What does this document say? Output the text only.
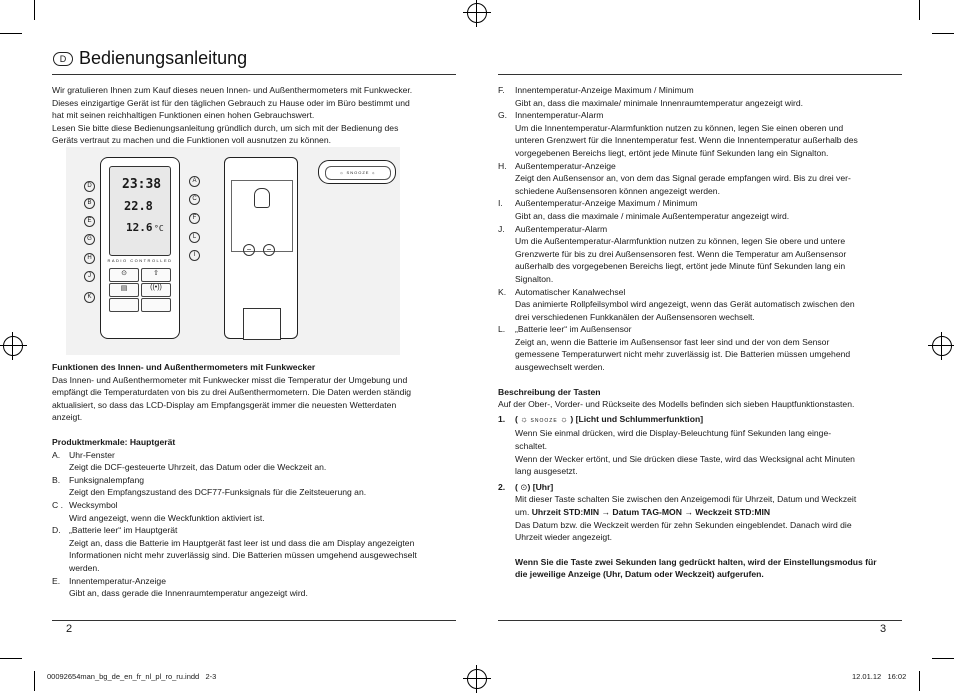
D Bedienungsanleitung
Wir gratulieren Ihnen zum Kauf dieses neuen Innen- und Außenthermometers mit Funkwecker.
Dieses einzigartige Gerät ist für den täglichen Gebrauch zu Hause oder im Büro bestimmt und
hat mit seinen reichhaltigen Funktionen einen hohen Gebrauchswert.
Lesen Sie bitte diese Bedienungsanleitung gründlich durch, um sich mit der Bedienung des
Geräts vertraut zu machen und die Funktionen voll ausnutzen zu können.
23:38
22.8
12.6 °C
RADIO CONTROLLED
⊙	⇧
▤	((•))
D
B
E
G
H
J
K
A
C
F
L
I
−	−
☼ SNOOZE ☼
Funktionen des Innen- und Außenthermometers mit Funkwecker
Das Innen- und Außenthermometer mit Funkwecker misst die Temperatur der Umgebung und
empfängt die Temperaturdaten von bis zu drei Außenthermometern. Die Daten werden ständig
aktualisiert, so dass das LCD-Display am Empfangsgerät immer die neuesten Wetterdaten
anzeigt.
Produktmerkmale: Hauptgerät
A. Uhr-Fenster
Zeigt die DCF-gesteuerte Uhrzeit, das Datum oder die Weckzeit an.
B. Funksignalempfang
Zeigt den Empfangszustand des DCF77-Funksignals für die Zeitsteuerung an.
C . Wecksymbol
Wird angezeigt, wenn die Weckfunktion aktiviert ist.
D. „Batterie leer“ im Hauptgerät
Zeigt an, dass die Batterie im Hauptgerät fast leer ist und dass die am Display angezeigten
Informationen nicht mehr zuverlässig sind. Die Batterien müssen umgehend ausgewechselt
werden.
E. Innentemperatur-Anzeige
Gibt an, dass gerade die Innenraumtemperatur angezeigt wird.
2
F. Innentemperatur-Anzeige Maximum / Minimum
Gibt an, dass die maximale/ minimale Innenraumtemperatur angezeigt wird.
G. Innentemperatur-Alarm
Um die Innentemperatur-Alarmfunktion nutzen zu können, legen Sie einen oberen und
unteren Grenzwert für die Innentemperatur fest. Wenn die Innentemperatur außerhalb des
vorgegebenen Bereichs liegt, ertönt jede Minute fünf Sekunden lang ein Signalton.
H. Außentemperatur-Anzeige
Zeigt den Außensensor an, von dem das Signal gerade empfangen wird. Bis zu drei ver-
schiedene Außensensoren können angezeigt werden.
I. Außentemperatur-Anzeige Maximum / Minimum
Gibt an, dass die maximale / minimale Außentemperatur angezeigt wird.
J. Außentemperatur-Alarm
Um die Außentemperatur-Alarmfunktion nutzen zu können, legen Sie obere und untere
Grenzwerte für bis zu drei Außensensoren fest. Wenn die Temperatur am Außensensor
außerhalb des vorgegebenen Bereichs liegt, ertönt jede Minute fünf Sekunden lang ein
Signalton.
K. Automatischer Kanalwechsel
Das animierte Rollpfeilsymbol wird angezeigt, wenn das Gerät automatisch zwischen den
drei verschiedenen Funkkanälen der Außensensoren wechselt.
L. „Batterie leer“ im Außensensor
Zeigt an, wenn die Batterie im Außensensor fast leer sind und der von dem Sensor
gemessene Temperaturwert nicht mehr zuverlässig ist. Die Batterien müssen umgehend
ausgewechselt werden.
Beschreibung der Tasten
Auf der Ober-, Vorder- und Rückseite des Modells befinden sich sieben Hauptfunktionstasten.
1. ( ☼ SNOOZE ☼ ) [Licht und Schlummerfunktion]
Wenn Sie einmal drücken, wird die Display-Beleuchtung fünf Sekunden lang einge-
schaltet.
Wenn der Wecker ertönt, und Sie drücken diese Taste, wird das Wecksignal acht Minuten
lang ausgesetzt.
2. ( ⊙) [Uhr]
Mit dieser Taste schalten Sie zwischen den Anzeigemodi für Uhrzeit, Datum und Weckzeit
um. Uhrzeit STD:MIN → Datum TAG-MON → Weckzeit STD:MIN
Das Datum bzw. die Weckzeit werden für zehn Sekunden eingeblendet. Danach wird die
Uhrzeit wieder angezeigt.
Wenn Sie die Taste zwei Sekunden lang gedrückt halten, wird der Einstellungsmodus für
die jeweilige Anzeige (Uhr, Datum oder Weckzeit) aufgerufen.
3
00092654man_bg_de_en_fr_nl_pl_ro_ru.indd   2-3	12.01.12 16:02
